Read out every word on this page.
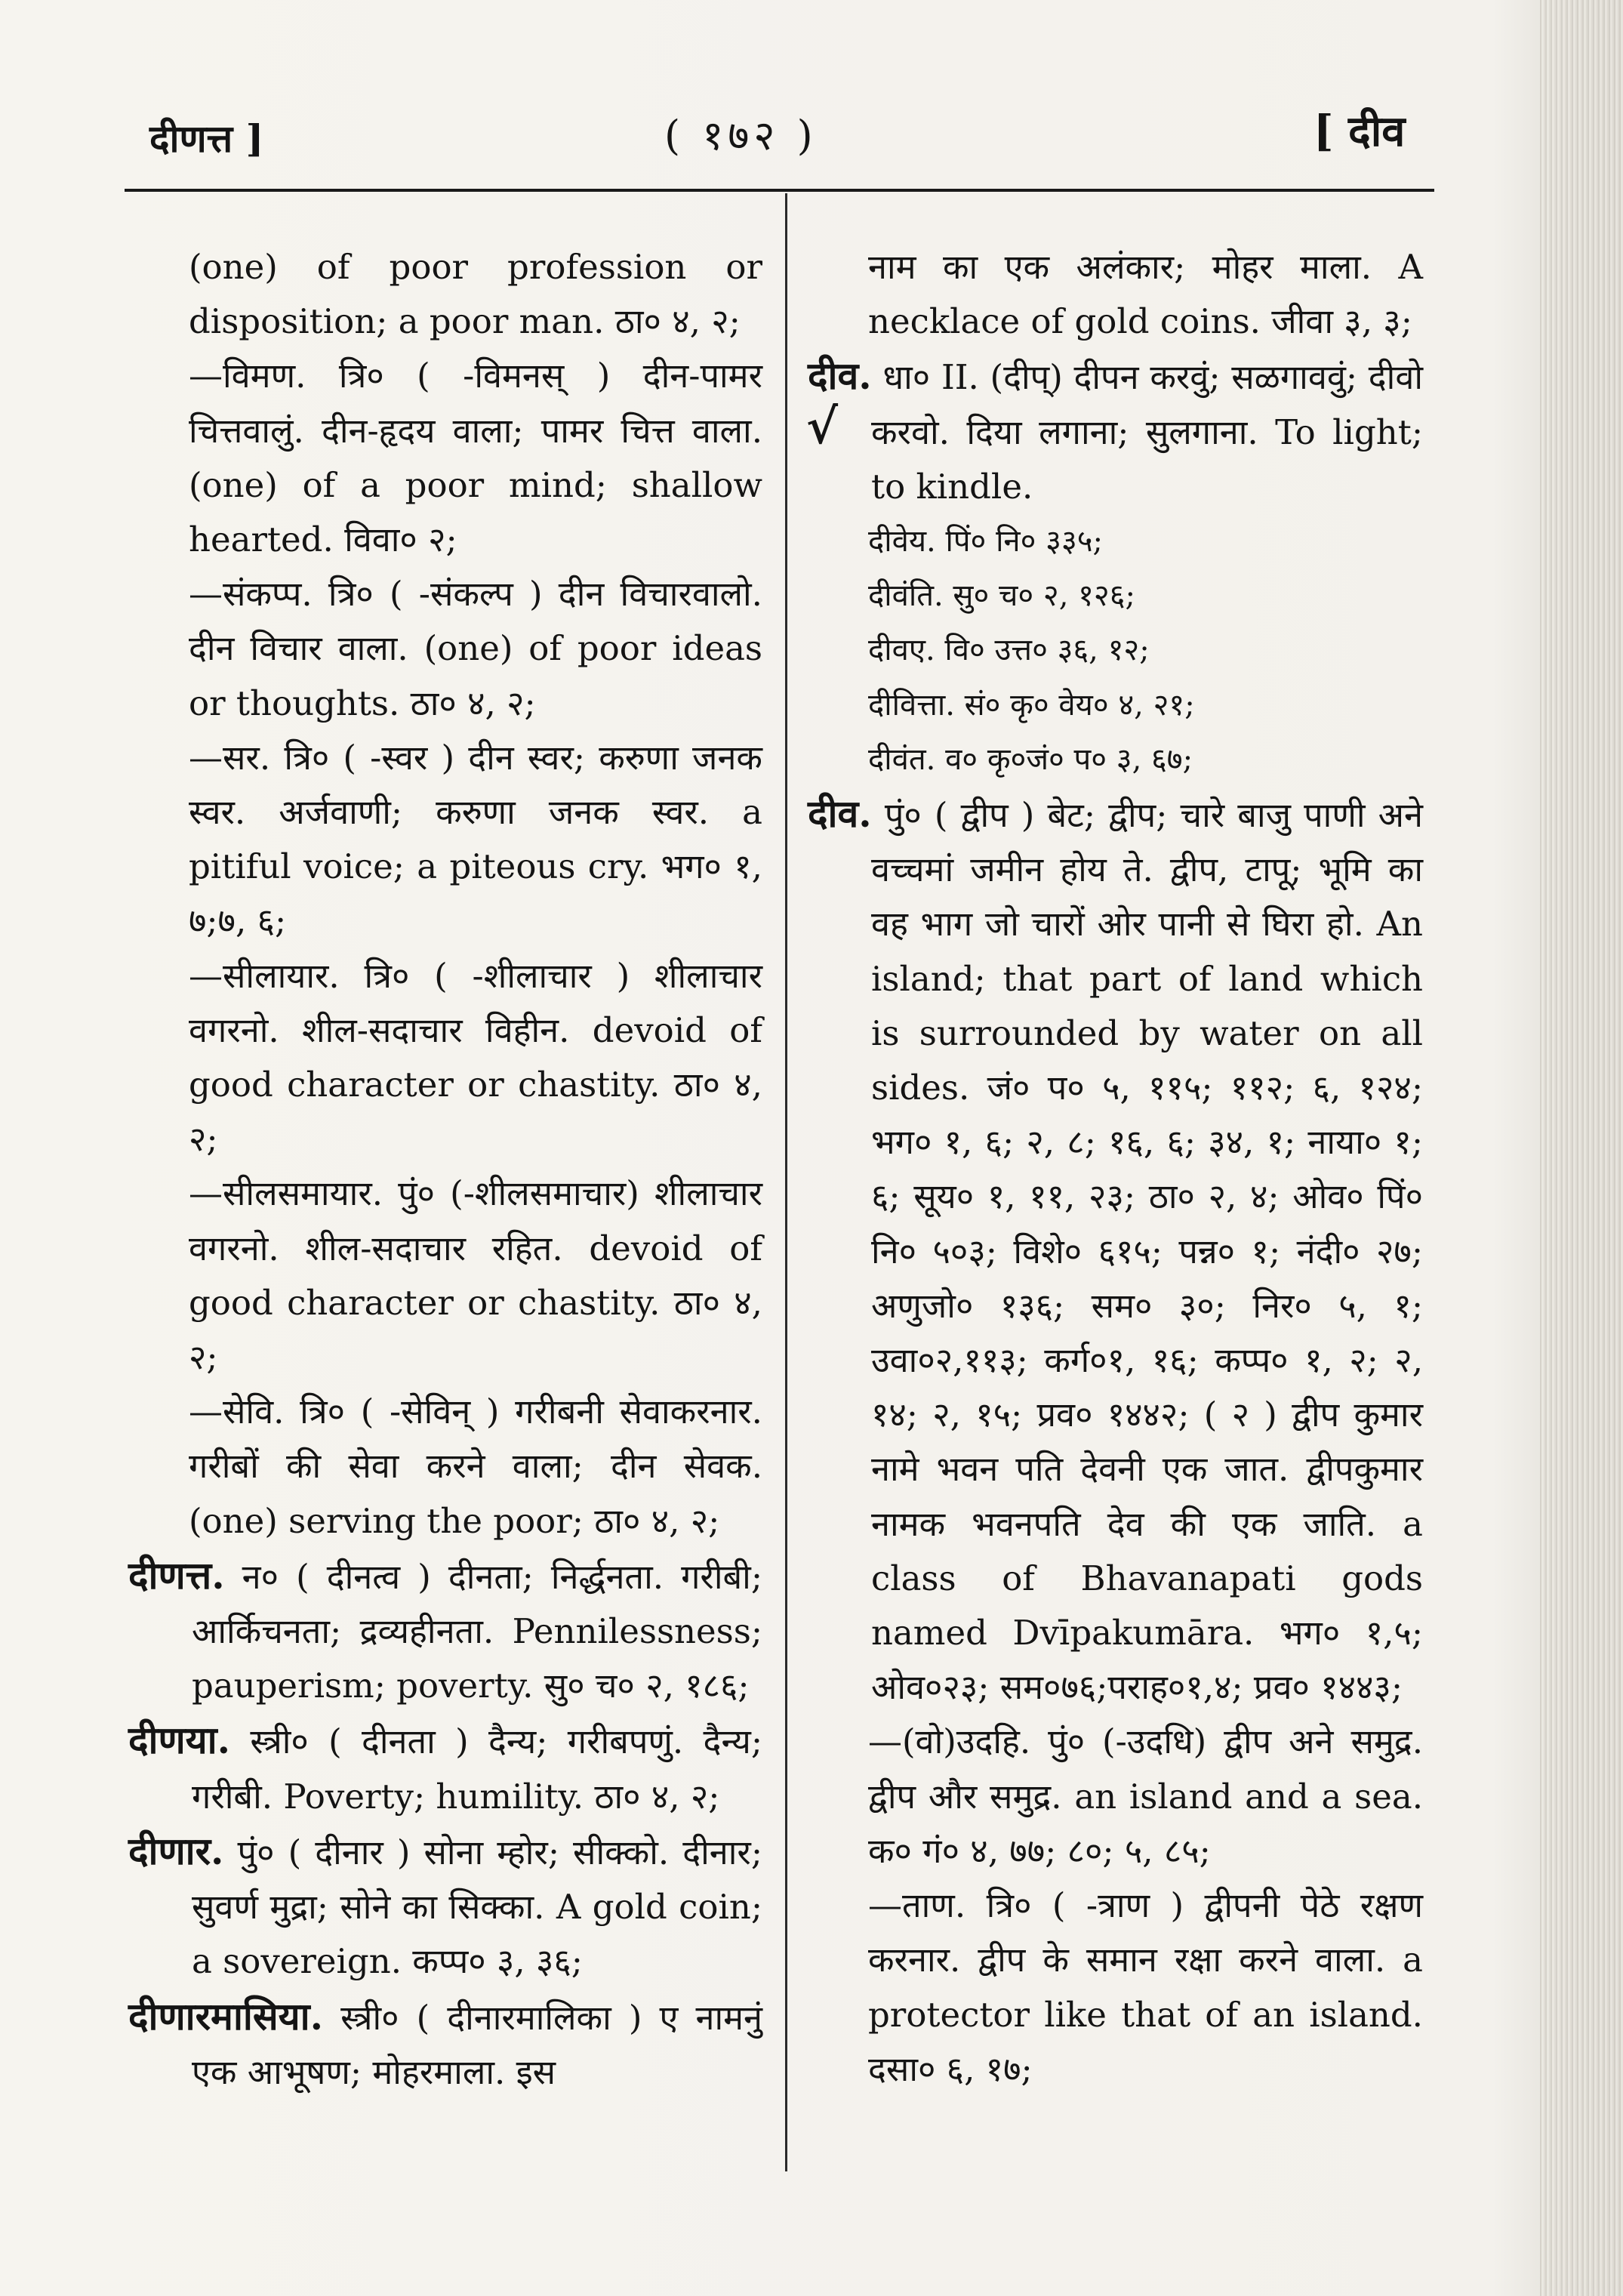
दीणत्त ]	( १७२ )	[ दीव

(one) of poor profession or disposition; a poor man. ठा० ४, २;

—विमण. त्रि० ( -विमनस् ) दीन-पामर चित्तवालुं. दीन-हृदय वाला; पामर चित्त वाला. (one) of a poor mind; shallow hearted. विवा० २;

—संकप्प. त्रि० ( -संकल्प ) दीन विचारवालो. दीन विचार वाला. (one) of poor ideas or thoughts. ठा० ४, २;

—सर. त्रि० ( -स्वर ) दीन स्वर; करुणा जनक स्वर. अर्जवाणी; करुणा जनक स्वर. a pitiful voice; a piteous cry. भग० १, ७;७, ६;

—सीलायार. त्रि० ( -शीलाचार ) शीलाचार वगरनो. शील-सदाचार विहीन. devoid of good character or chastity. ठा० ४, २;

—सीलसमायार. पुं० (-शीलसमाचार) शीलाचार वगरनो. शील-सदाचार रहित. devoid of good character or chastity. ठा० ४, २;

—सेवि. त्रि० ( -सेविन् ) गरीबनी सेवाकरनार. गरीबों की सेवा करने वाला; दीन सेवक. (one) serving the poor; ठा० ४, २;

दीणत्त. न० ( दीनत्व ) दीनता; निर्द्धनता. गरीबी; आर्किचनता; द्रव्यहीनता. Pennilessness; pauperism; poverty. सु० च० २, १८६;

दीणया. स्त्री० ( दीनता ) दैन्य; गरीबपणुं. दैन्य; गरीबी. Poverty; humility. ठा० ४, २;

दीणार. पुं० ( दीनार ) सोना म्होर; सीक्को. दीनार; सुवर्ण मुद्रा; सोने का सिक्का. A gold coin; a sovereign. कप्प० ३, ३६;

दीणारमासिया. स्त्री० ( दीनारमालिका ) ए नामनुं एक आभूषण; मोहरमाला. इस

√

नाम का एक अलंकार; मोहर माला. A necklace of gold coins. जीवा ३, ३;

दीव. धा० II. (दीप्) दीपन करवुं; सळगाववुं; दीवो करवो. दिया लगाना; सुलगाना. To light; to kindle.

दीवेय. पिं० नि० ३३५;

दीवंति. सु० च० २, १२६;

दीवए. वि० उत्त० ३६, १२;

दीवित्ता. सं० कृ० वेय० ४, २१;

दीवंत. व० कृ०जं० प० ३, ६७;

दीव. पुं० ( द्वीप ) बेट; द्वीप; चारे बाजु पाणी अने वच्चमां जमीन होय ते. द्वीप, टापू; भूमि का वह भाग जो चारों ओर पानी से घिरा हो. An island; that part of land which is surrounded by water on all sides. जं० प० ५, ११५; ११२; ६, १२४; भग० १, ६; २, ८; १६, ६; ३४, १; नाया० १; ६; सूय० १, ११, २३; ठा० २, ४; ओव० पिं० नि० ५०३; विशे० ६१५; पन्न० १; नंदी० २७; अणुजो० १३६; सम० ३०; निर० ५, १; उवा०२,११३; कर्ग०१, १६; कप्प० १, २; २, १४; २, १५; प्रव० १४४२; ( २ ) द्वीप कुमार नामे भवन पति देवनी एक जात. द्वीपकुमार नामक भवनपति देव की एक जाति. a class of Bhavanapati gods named Dvīpakumāra. भग० १,५; ओव०२३; सम०७६;पराह०१,४; प्रव० १४४३;

—(वो)उदहि. पुं० (-उदधि) द्वीप अने समुद्र. द्वीप और समुद्र. an island and a sea. क० गं० ४, ७७; ८०; ५, ८५;

—ताण. त्रि० ( -त्राण ) द्वीपनी पेठे रक्षण करनार. द्वीप के समान रक्षा करने वाला. a protector like that of an island. दसा० ६, १७;
